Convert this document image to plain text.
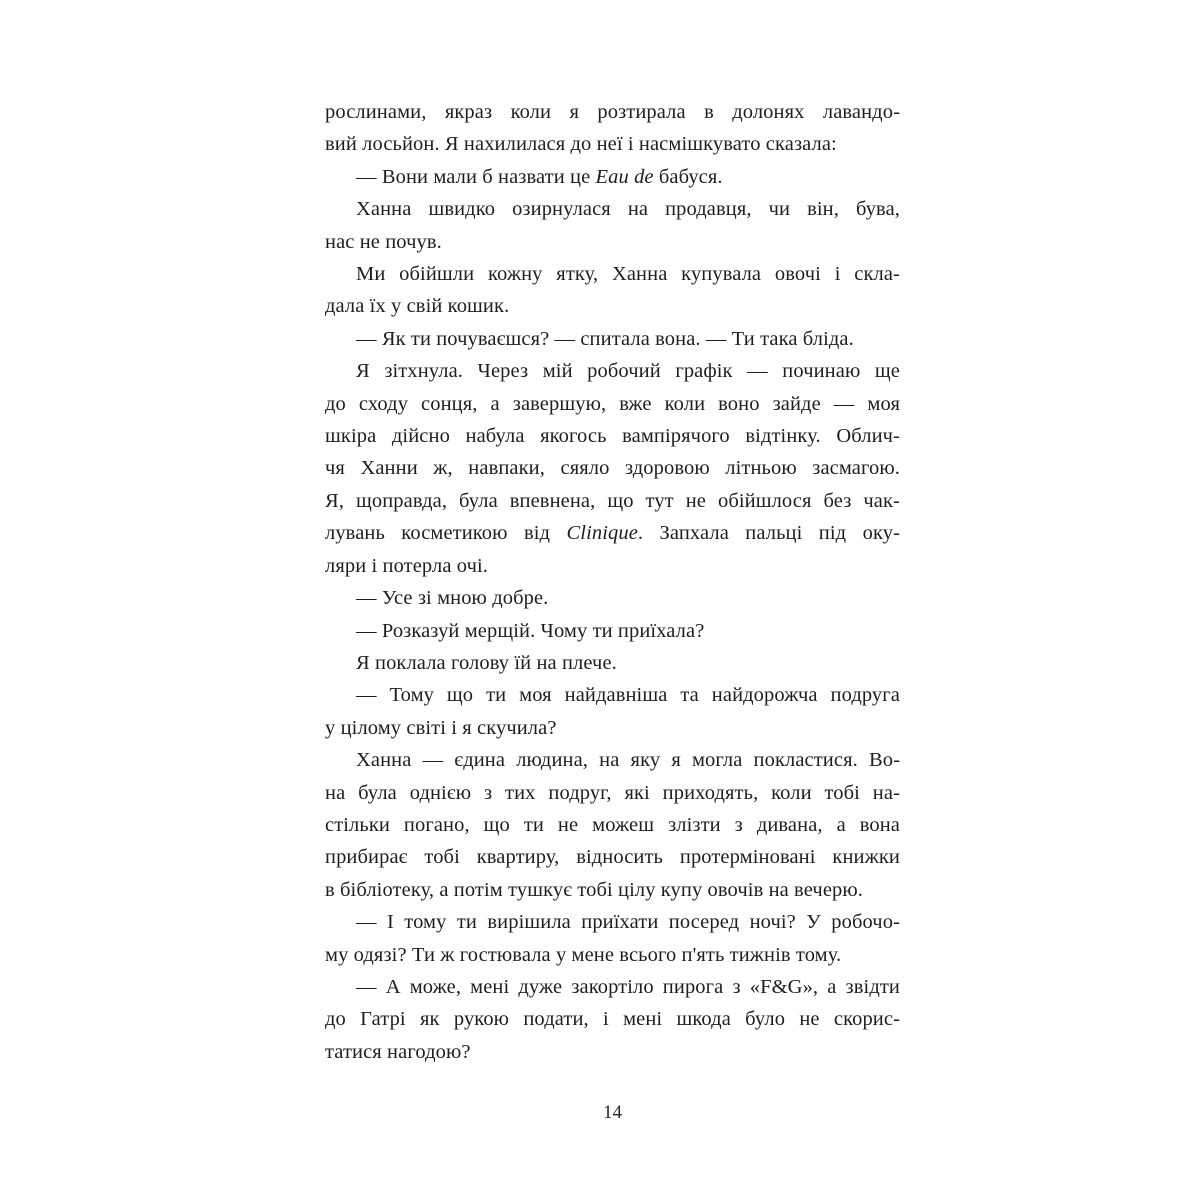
рослинами, якраз коли я розтирала в долонях лавандо-
вий лосьйон. Я нахилилася до неї і насмішкувато сказала:
— Вони мали б назвати це Eau de бабуся.
Ханна швидко озирнулася на продавця, чи він, бува,
нас не почув.
Ми обійшли кожну ятку, Ханна купувала овочі і скла-
дала їх у свій кошик.
— Як ти почуваєшся? — спитала вона. — Ти така бліда.
Я зітхнула. Через мій робочий графік — починаю ще
до сходу сонця, а завершую, вже коли воно зайде — моя
шкіра дійсно набула якогось вампірячого відтінку. Облич-
чя Ханни ж, навпаки, сяяло здоровою літньою засмагою.
Я, щоправда, була впевнена, що тут не обійшлося без чак-
лувань косметикою від Clinique. Запхала пальці під оку-
ляри і потерла очі.
— Усе зі мною добре.
— Розказуй мерщій. Чому ти приїхала?
Я поклала голову їй на плече.
— Тому що ти моя найдавніша та найдорожча подруга
у цілому світі і я скучила?
Ханна — єдина людина, на яку я могла покластися. Во-
на була однією з тих подруг, які приходять, коли тобі на-
стільки погано, що ти не можеш злізти з дивана, а вона
прибирає тобі квартиру, відносить протерміновані книжки
в бібліотеку, а потім тушкує тобі цілу купу овочів на вечерю.
— І тому ти вирішила приїхати посеред ночі? У робочо-
му одязі? Ти ж гостювала у мене всього п'ять тижнів тому.
— А може, мені дуже закортіло пирога з «F&G», а звідти
до Гатрі як рукою подати, і мені шкода було не скорис-
татися нагодою?
14
